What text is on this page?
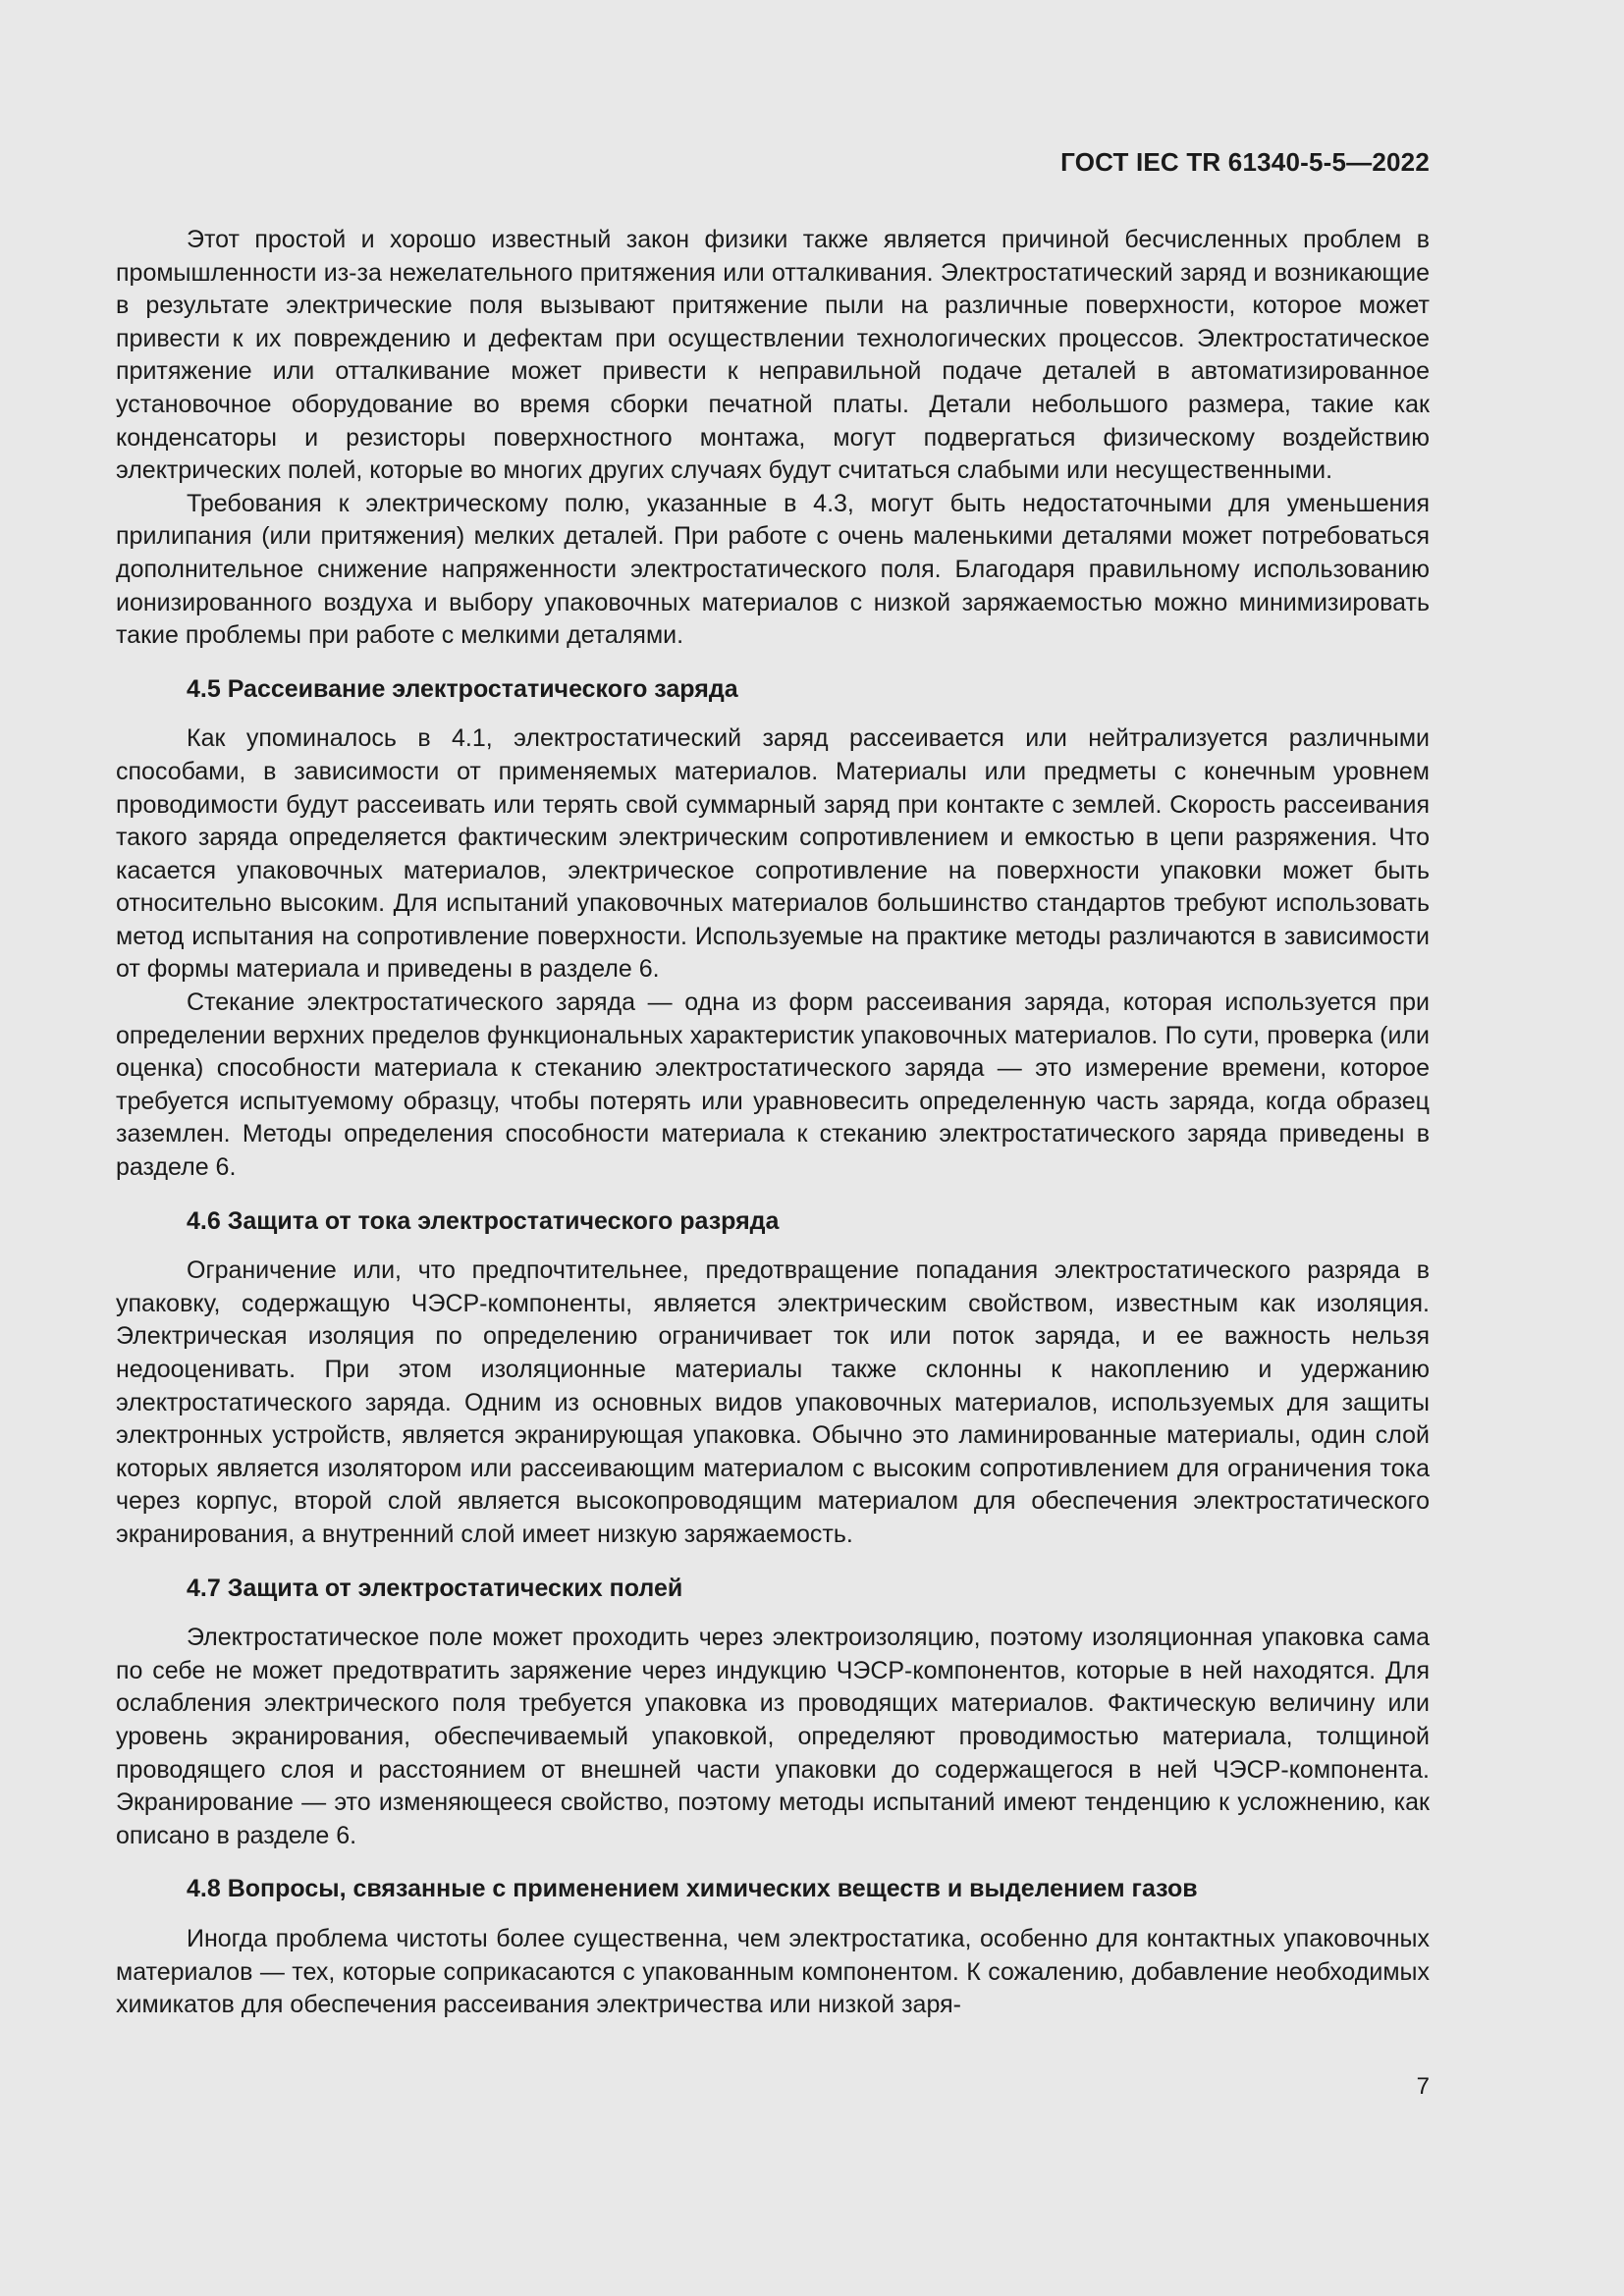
ГОСТ IEC TR 61340-5-5—2022

Этот простой и хорошо известный закон физики также является причиной бесчисленных проблем в промышленности из-за нежелательного притяжения или отталкивания. Электростатический заряд и возникающие в результате электрические поля вызывают притяжение пыли на различные поверхности, которое может привести к их повреждению и дефектам при осуществлении технологических процессов. Электростатическое притяжение или отталкивание может привести к неправильной подаче деталей в автоматизированное установочное оборудование во время сборки печатной платы. Детали небольшого размера, такие как конденсаторы и резисторы поверхностного монтажа, могут подвергаться физическому воздействию электрических полей, которые во многих других случаях будут считаться слабыми или несущественными.

Требования к электрическому полю, указанные в 4.3, могут быть недостаточными для уменьшения прилипания (или притяжения) мелких деталей. При работе с очень маленькими деталями может потребоваться дополнительное снижение напряженности электростатического поля. Благодаря правильному использованию ионизированного воздуха и выбору упаковочных материалов с низкой заряжаемостью можно минимизировать такие проблемы при работе с мелкими деталями.

4.5 Рассеивание электростатического заряда

Как упоминалось в 4.1, электростатический заряд рассеивается или нейтрализуется различными способами, в зависимости от применяемых материалов. Материалы или предметы с конечным уровнем проводимости будут рассеивать или терять свой суммарный заряд при контакте с землей. Скорость рассеивания такого заряда определяется фактическим электрическим сопротивлением и емкостью в цепи разряжения. Что касается упаковочных материалов, электрическое сопротивление на поверхности упаковки может быть относительно высоким. Для испытаний упаковочных материалов большинство стандартов требуют использовать метод испытания на сопротивление поверхности. Используемые на практике методы различаются в зависимости от формы материала и приведены в разделе 6.

Стекание электростатического заряда — одна из форм рассеивания заряда, которая используется при определении верхних пределов функциональных характеристик упаковочных материалов. По сути, проверка (или оценка) способности материала к стеканию электростатического заряда — это измерение времени, которое требуется испытуемому образцу, чтобы потерять или уравновесить определенную часть заряда, когда образец заземлен. Методы определения способности материала к стеканию электростатического заряда приведены в разделе 6.

4.6 Защита от тока электростатического разряда

Ограничение или, что предпочтительнее, предотвращение попадания электростатического разряда в упаковку, содержащую ЧЭСР-компоненты, является электрическим свойством, известным как изоляция. Электрическая изоляция по определению ограничивает ток или поток заряда, и ее важность нельзя недооценивать. При этом изоляционные материалы также склонны к накоплению и удержанию электростатического заряда. Одним из основных видов упаковочных материалов, используемых для защиты электронных устройств, является экранирующая упаковка. Обычно это ламинированные материалы, один слой которых является изолятором или рассеивающим материалом с высоким сопротивлением для ограничения тока через корпус, второй слой является высокопроводящим материалом для обеспечения электростатического экранирования, а внутренний слой имеет низкую заряжаемость.

4.7 Защита от электростатических полей

Электростатическое поле может проходить через электроизоляцию, поэтому изоляционная упаковка сама по себе не может предотвратить заряжение через индукцию ЧЭСР-компонентов, которые в ней находятся. Для ослабления электрического поля требуется упаковка из проводящих материалов. Фактическую величину или уровень экранирования, обеспечиваемый упаковкой, определяют проводимостью материала, толщиной проводящего слоя и расстоянием от внешней части упаковки до содержащегося в ней ЧЭСР-компонента. Экранирование — это изменяющееся свойство, поэтому методы испытаний имеют тенденцию к усложнению, как описано в разделе 6.

4.8 Вопросы, связанные с применением химических веществ и выделением газов

Иногда проблема чистоты более существенна, чем электростатика, особенно для контактных упаковочных материалов — тех, которые соприкасаются с упакованным компонентом. К сожалению, добавление необходимых химикатов для обеспечения рассеивания электричества или низкой заря-

7
